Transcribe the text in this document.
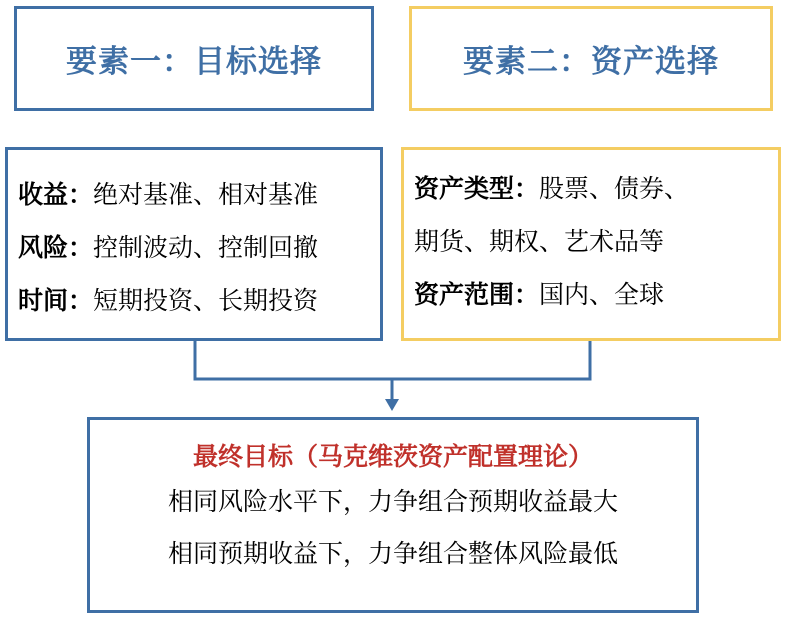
要素一：目标选择	要素二：资产选择
收益：绝对基准、相对基准
风险：控制波动、控制回撤
时间：短期投资、长期投资
资产类型：股票、债券、
期货、期权、艺术品等
资产范围：国内、全球
最终目标（马克维茨资产配置理论）
相同风险水平下，力争组合预期收益最大
相同预期收益下，力争组合整体风险最低
